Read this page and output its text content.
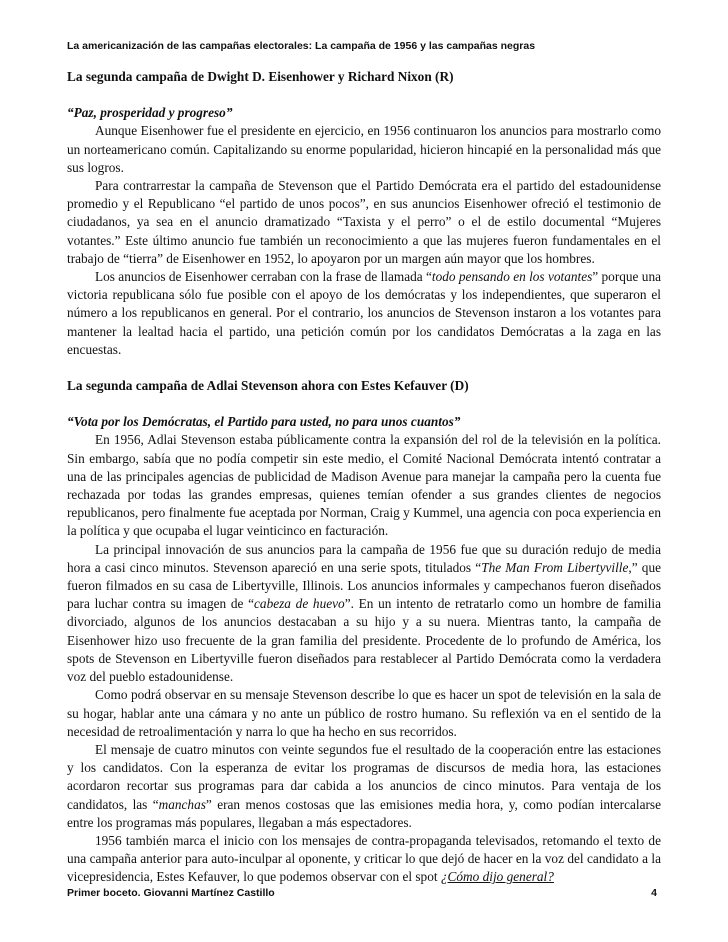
La americanización de las campañas electorales: La campaña de 1956 y las campañas negras

La segunda campaña de Dwight D. Eisenhower y Richard Nixon (R)

“Paz, prosperidad y progreso”

Aunque Eisenhower fue el presidente en ejercicio, en 1956 continuaron los anuncios para mostrarlo como un norteamericano común. Capitalizando su enorme popularidad, hicieron hincapié en la personalidad más que sus logros.

Para contrarrestar la campaña de Stevenson que el Partido Demócrata era el partido del estadounidense promedio y el Republicano “el partido de unos pocos”, en sus anuncios Eisenhower ofreció el testimonio de ciudadanos, ya sea en el anuncio dramatizado “Taxista y el perro” o el de estilo documental “Mujeres votantes.” Este último anuncio fue también un reconocimiento a que las mujeres fueron fundamentales en el trabajo de “tierra” de Eisenhower en 1952, lo apoyaron por un margen aún mayor que los hombres.

Los anuncios de Eisenhower cerraban con la frase de llamada “todo pensando en los votantes” porque una victoria republicana sólo fue posible con el apoyo de los demócratas y los independientes, que superaron el número a los republicanos en general. Por el contrario, los anuncios de Stevenson instaron a los votantes para mantener la lealtad hacia el partido, una petición común por los candidatos Demócratas a la zaga en las encuestas.

La segunda campaña de Adlai Stevenson ahora con Estes Kefauver (D)

“Vota por los Demócratas, el Partido para usted, no para unos cuantos”

En 1956, Adlai Stevenson estaba públicamente contra la expansión del rol de la televisión en la política. Sin embargo, sabía que no podía competir sin este medio, el Comité Nacional Demócrata intentó contratar a una de las principales agencias de publicidad de Madison Avenue para manejar la campaña pero la cuenta fue rechazada por todas las grandes empresas, quienes temían ofender a sus grandes clientes de negocios republicanos, pero finalmente fue aceptada por Norman, Craig y Kummel, una agencia con poca experiencia en la política y que ocupaba el lugar veinticinco en facturación.

La principal innovación de sus anuncios para la campaña de 1956 fue que su duración redujo de media hora a casi cinco minutos. Stevenson apareció en una serie spots, titulados “The Man From Libertyville,” que fueron filmados en su casa de Libertyville, Illinois. Los anuncios informales y campechanos fueron diseñados para luchar contra su imagen de “cabeza de huevo”. En un intento de retratarlo como un hombre de familia divorciado, algunos de los anuncios destacaban a su hijo y a su nuera. Mientras tanto, la campaña de Eisenhower hizo uso frecuente de la gran familia del presidente. Procedente de lo profundo de América, los spots de Stevenson en Libertyville fueron diseñados para restablecer al Partido Demócrata como la verdadera voz del pueblo estadounidense.

Como podrá observar en su mensaje Stevenson describe lo que es hacer un spot de televisión en la sala de su hogar, hablar ante una cámara y no ante un público de rostro humano. Su reflexión va en el sentido de la necesidad de retroalimentación y narra lo que ha hecho en sus recorridos.

El mensaje de cuatro minutos con veinte segundos fue el resultado de la cooperación entre las estaciones y los candidatos. Con la esperanza de evitar los programas de discursos de media hora, las estaciones acordaron recortar sus programas para dar cabida a los anuncios de cinco minutos. Para ventaja de los candidatos, las “manchas” eran menos costosas que las emisiones media hora, y, como podían intercalarse entre los programas más populares, llegaban a más espectadores.

1956 también marca el inicio con los mensajes de contra-propaganda televisados, retomando el texto de una campaña anterior para auto-inculpar al oponente, y criticar lo que dejó de hacer en la voz del candidato a la vicepresidencia, Estes Kefauver, lo que podemos observar con el spot ¿Cómo dijo general?

Primer boceto. Giovanni Martínez Castillo	4
